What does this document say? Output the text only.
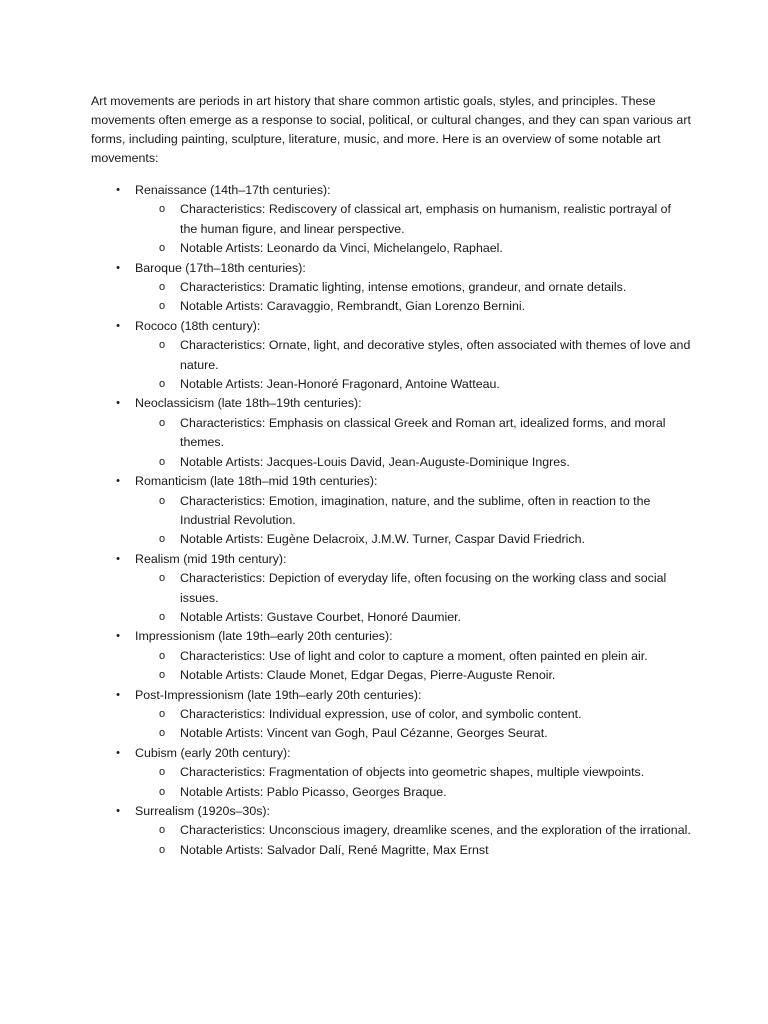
Art movements are periods in art history that share common artistic goals, styles, and principles. These movements often emerge as a response to social, political, or cultural changes, and they can span various art forms, including painting, sculpture, literature, music, and more. Here is an overview of some notable art movements:

• Renaissance (14th–17th centuries):
o Characteristics: Rediscovery of classical art, emphasis on humanism, realistic portrayal of the human figure, and linear perspective.
o Notable Artists: Leonardo da Vinci, Michelangelo, Raphael.
• Baroque (17th–18th centuries):
o Characteristics: Dramatic lighting, intense emotions, grandeur, and ornate details.
o Notable Artists: Caravaggio, Rembrandt, Gian Lorenzo Bernini.
• Rococo (18th century):
o Characteristics: Ornate, light, and decorative styles, often associated with themes of love and nature.
o Notable Artists: Jean-Honoré Fragonard, Antoine Watteau.
• Neoclassicism (late 18th–19th centuries):
o Characteristics: Emphasis on classical Greek and Roman art, idealized forms, and moral themes.
o Notable Artists: Jacques-Louis David, Jean-Auguste-Dominique Ingres.
• Romanticism (late 18th–mid 19th centuries):
o Characteristics: Emotion, imagination, nature, and the sublime, often in reaction to the Industrial Revolution.
o Notable Artists: Eugène Delacroix, J.M.W. Turner, Caspar David Friedrich.
• Realism (mid 19th century):
o Characteristics: Depiction of everyday life, often focusing on the working class and social issues.
o Notable Artists: Gustave Courbet, Honoré Daumier.
• Impressionism (late 19th–early 20th centuries):
o Characteristics: Use of light and color to capture a moment, often painted en plein air.
o Notable Artists: Claude Monet, Edgar Degas, Pierre-Auguste Renoir.
• Post-Impressionism (late 19th–early 20th centuries):
o Characteristics: Individual expression, use of color, and symbolic content.
o Notable Artists: Vincent van Gogh, Paul Cézanne, Georges Seurat.
• Cubism (early 20th century):
o Characteristics: Fragmentation of objects into geometric shapes, multiple viewpoints.
o Notable Artists: Pablo Picasso, Georges Braque.
• Surrealism (1920s–30s):
o Characteristics: Unconscious imagery, dreamlike scenes, and the exploration of the irrational.
o Notable Artists: Salvador Dalí, René Magritte, Max Ernst
